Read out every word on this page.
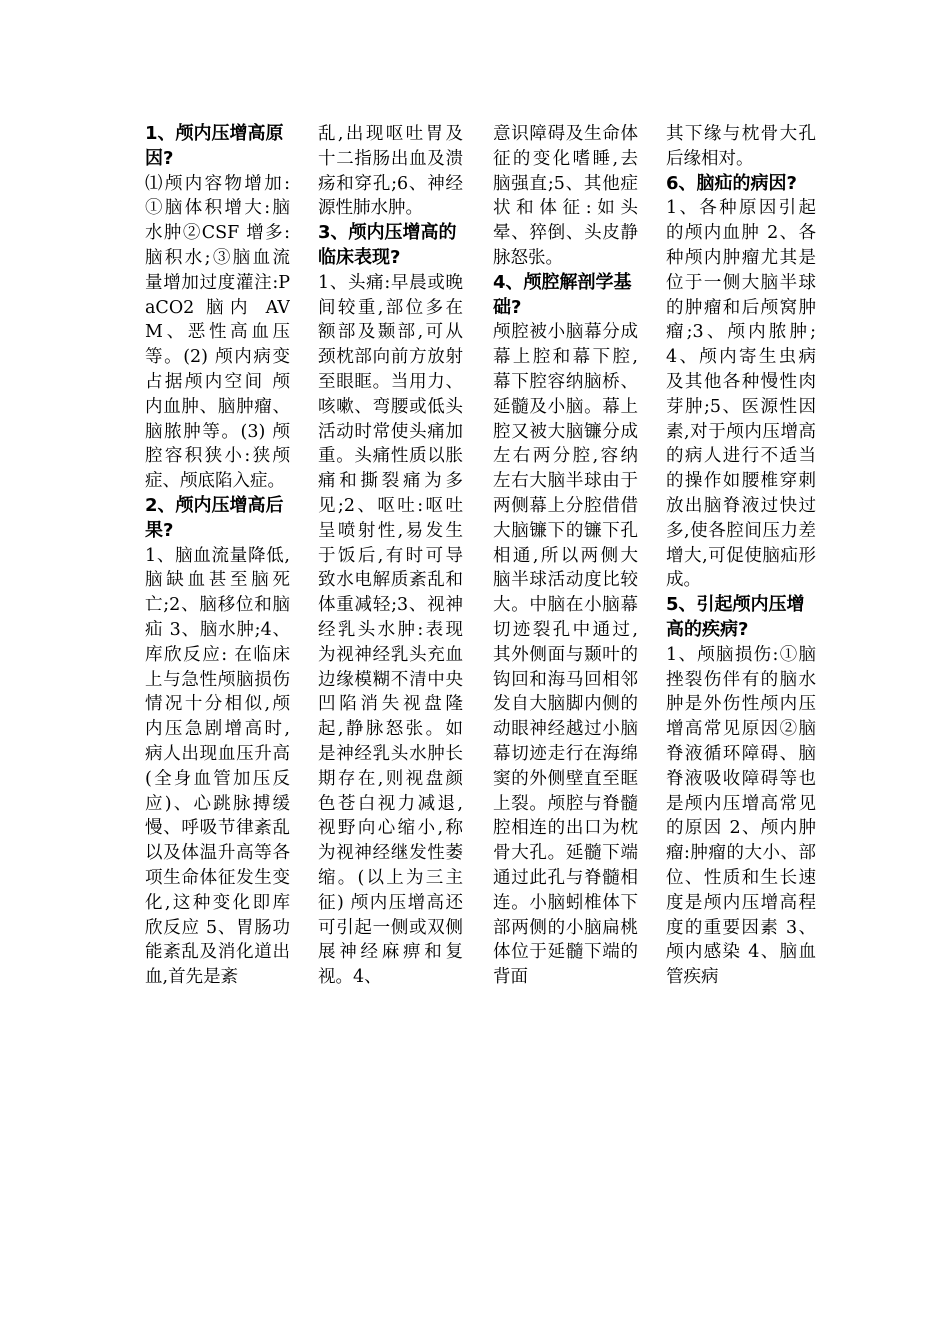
1、颅内压增高原因?

⑴颅内容物增加:①脑体积增大:脑水肿②CSF 增多:脑积水;③脑血流量增加过度灌注:PaCO2 脑内 AVM、恶性高血压等。(2) 颅内病变占据颅内空间 颅内血肿、脑肿瘤、脑脓肿等。(3) 颅腔容积狭小:狭颅症、颅底陷入症。

2、颅内压增高后果?

1、脑血流量降低,脑缺血甚至脑死亡;2、脑移位和脑疝 3、脑水肿;4、库欣反应: 在临床上与急性颅脑损伤情况十分相似,颅内压急剧增高时,病人出现血压升高(全身血管加压反应)、心跳脉搏缓慢、呼吸节律紊乱以及体温升高等各项生命体征发生变化,这种变化即库欣反应 5、胃肠功能紊乱及消化道出血,首先是紊

乱,出现呕吐胃及十二指肠出血及溃疡和穿孔;6、神经源性肺水肿。

3、颅内压增高的临床表现?

1、头痛:早晨或晚间较重,部位多在额部及颞部,可从颈枕部向前方放射至眼眶。当用力、咳嗽、弯腰或低头活动时常使头痛加重。头痛性质以胀痛和撕裂痛为多见;2、呕吐:呕吐呈喷射性,易发生于饭后,有时可导致水电解质紊乱和体重减轻;3、视神经乳头水肿:表现为视神经乳头充血边缘模糊不清中央凹陷消失视盘隆起,静脉怒张。如是神经乳头水肿长期存在,则视盘颜色苍白视力减退,视野向心缩小,称为视神经继发性萎缩。(以上为三主征) 颅内压增高还可引起一侧或双侧展神经麻痹和复视。4、

意识障碍及生命体征的变化嗜睡,去脑强直;5、其他症状和体征:如头晕、猝倒、头皮静脉怒张。

4、颅腔解剖学基础?

颅腔被小脑幕分成幕上腔和幕下腔,幕下腔容纳脑桥、延髓及小脑。幕上腔又被大脑镰分成左右两分腔,容纳左右大脑半球由于两侧幕上分腔借借大脑镰下的镰下孔相通,所以两侧大脑半球活动度比较大。中脑在小脑幕切迹裂孔中通过,其外侧面与颞叶的钩回和海马回相邻发自大脑脚内侧的动眼神经越过小脑幕切迹走行在海绵窦的外侧壁直至眶上裂。颅腔与脊髓腔相连的出口为枕骨大孔。延髓下端通过此孔与脊髓相连。小脑蚓椎体下部两侧的小脑扁桃体位于延髓下端的背面

其下缘与枕骨大孔后缘相对。

6、脑疝的病因?

1、各种原因引起的颅内血肿 2、各种颅内肿瘤尤其是位于一侧大脑半球的肿瘤和后颅窝肿瘤;3、颅内脓肿;4、颅内寄生虫病及其他各种慢性肉芽肿;5、医源性因素,对于颅内压增高的病人进行不适当的操作如腰椎穿刺放出脑脊液过快过多,使各腔间压力差增大,可促使脑疝形成。

5、引起颅内压增高的疾病?

1、颅脑损伤:①脑挫裂伤伴有的脑水肿是外伤性颅内压增高常见原因②脑脊液循环障碍、脑脊液吸收障碍等也是颅内压增高常见的原因 2、颅内肿瘤:肿瘤的大小、部位、性质和生长速度是颅内压增高程度的重要因素 3、颅内感染 4、脑血管疾病
